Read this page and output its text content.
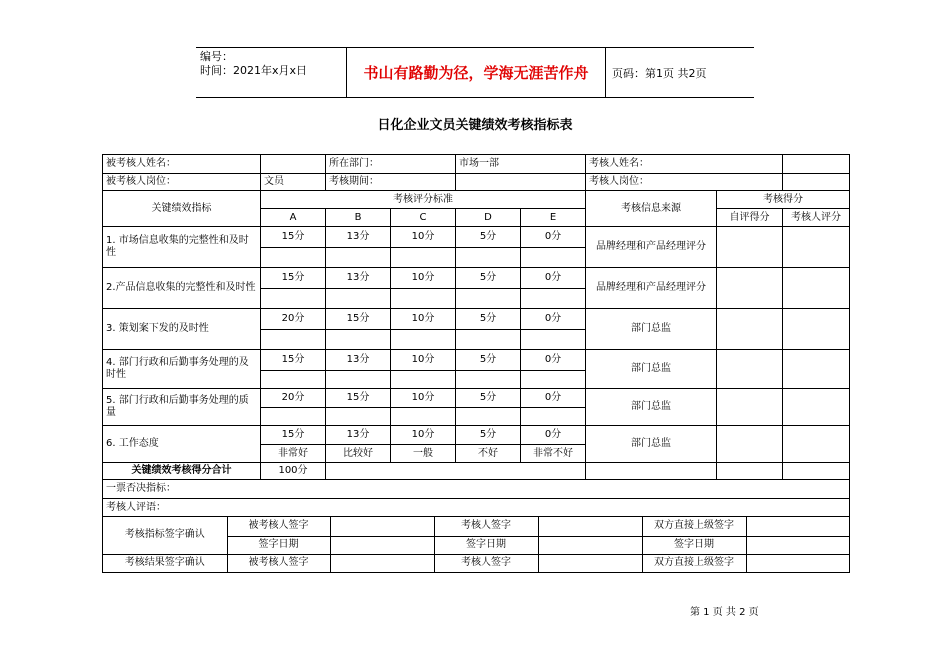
编号：
时间：2021年x月x日	书山有路勤为径，学海无涯苦作舟	页码：第1页 共2页
日化企业文员关键绩效考核指标表
被考核人姓名：		所在部门：	市场一部	考核人姓名：	
被考核人岗位：	文员	考核期间：		考核人岗位：	
关键绩效指标	考核评分标准	考核信息来源	考核得分
A	B	C	D	E	自评得分	考核人评分
1. 市场信息收集的完整性和及时性	15分	13分	10分	5分	0分	品牌经理和产品经理评分		

2.产品信息收集的完整性和及时性	15分	13分	10分	5分	0分	品牌经理和产品经理评分		

3. 策划案下发的及时性	20分	15分	10分	5分	0分	部门总监		

4. 部门行政和后勤事务处理的及时性	15分	13分	10分	5分	0分	部门总监		

5. 部门行政和后勤事务处理的质量	20分	15分	10分	5分	0分	部门总监		

6. 工作态度	15分	13分	10分	5分	0分	部门总监		
非常好	比较好	一般	不好	非常不好
关键绩效考核得分合计	100分				
一票否决指标：
考核人评语：

考核指标签字确认	被考核人签字		考核人签字		双方直接上级签字	
签字日期		签字日期		签字日期	
考核结果签字确认	被考核人签字		考核人签字		双方直接上级签字	
第 1 页 共 2 页
